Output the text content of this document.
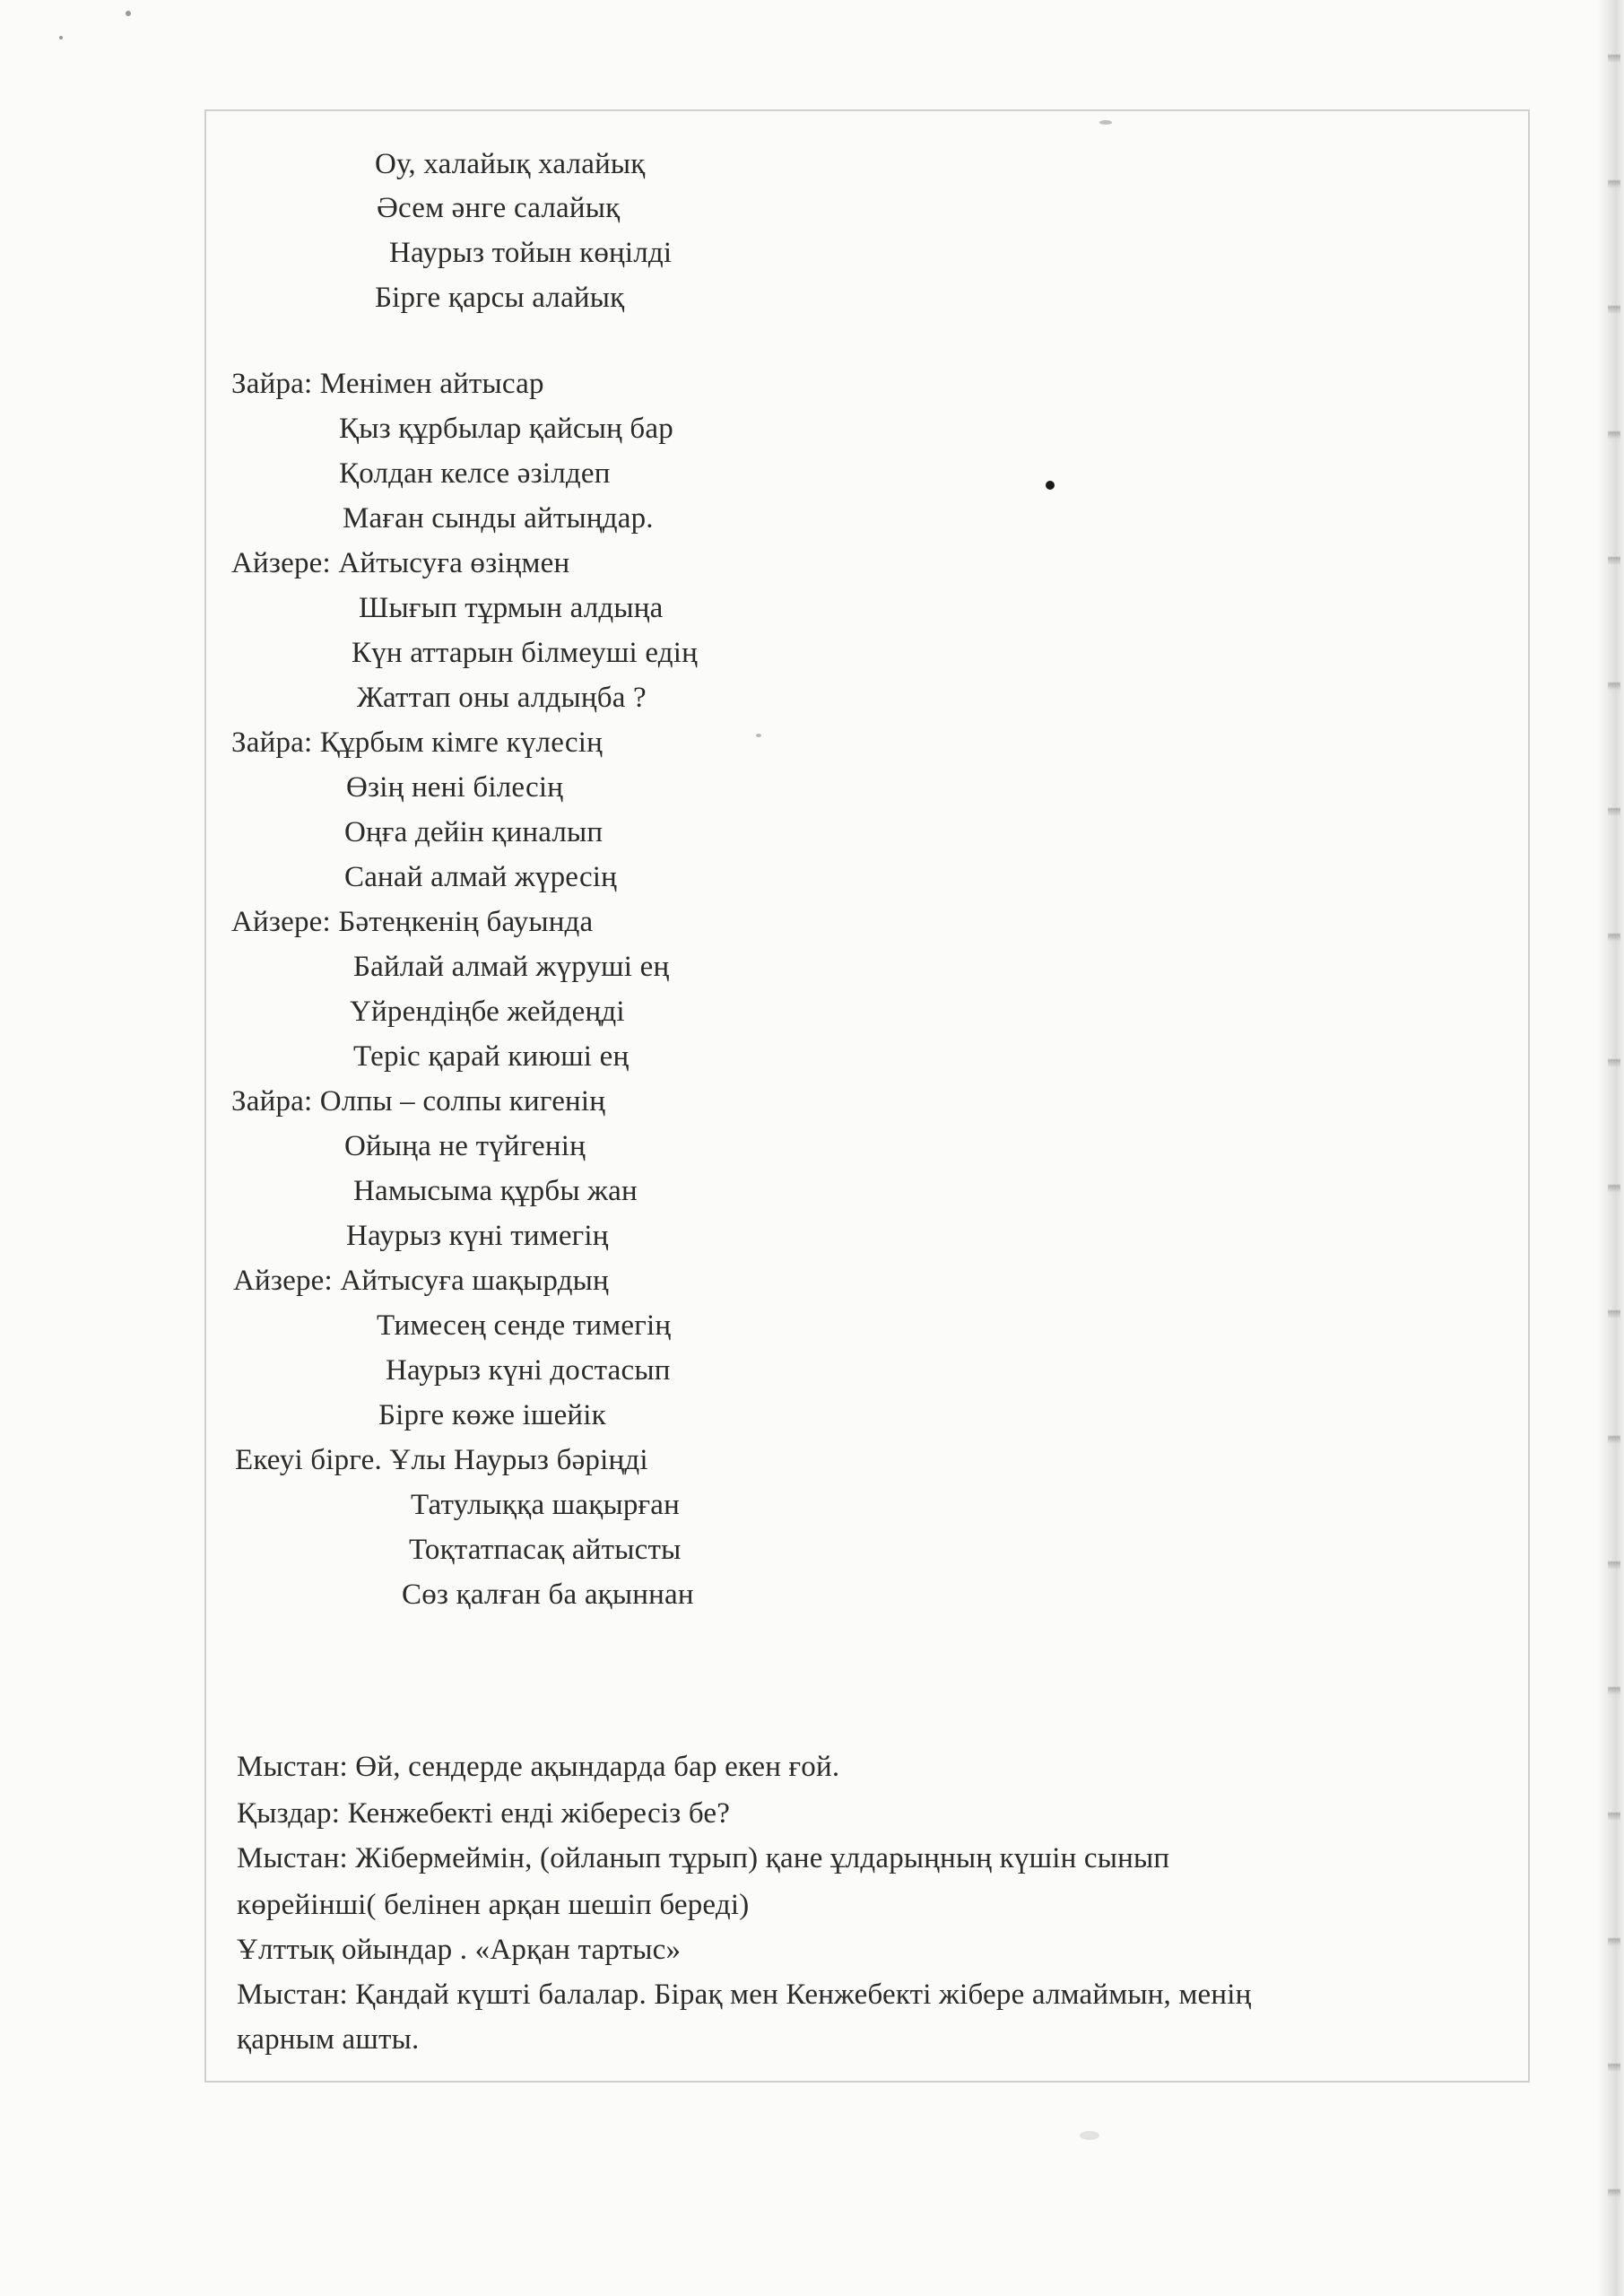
Оу, халайық халайық
Әсем әнге салайық
Наурыз тойын көңілді
Бірге қарсы алайық
Зайра: Менімен айтысар
Қыз құрбылар қайсың бар
Қолдан келсе әзілдеп
Маған сынды айтыңдар.
Айзере: Айтысуға өзіңмен
Шығып тұрмын алдыңа
Күн аттарын білмеуші едің
Жаттап оны алдыңба ?
Зайра: Құрбым кімге күлесің
Өзің нені білесің
Оңға дейін қиналып
Санай алмай жүресің
Айзере: Бәтеңкенің бауында
Байлай алмай жүруші ең
Үйрендіңбе жейдеңді
Теріс қарай киюші ең
Зайра: Олпы – солпы кигенің
Ойыңа не түйгенің
Намысыма құрбы жан
Наурыз күні тимегің
Айзере: Айтысуға шақырдың
Тимесең сенде тимегің
Наурыз күні достасып
Бірге көже ішейік
Екеуі бірге. Ұлы Наурыз бәріңді
Татулыққа шақырған
Тоқтатпасақ айтысты
Сөз қалған ба ақыннан
Мыстан: Өй, сендерде ақындарда бар екен ғой.
Қыздар: Кенжебекті енді жібересіз бе?
Мыстан: Жібермеймін, (ойланып тұрып) қане ұлдарыңның күшін сынып
көрейінші( белінен арқан шешіп береді)
Ұлттық ойындар . «Арқан тартыс»
Мыстан: Қандай күшті балалар. Бірақ мен Кенжебекті жібере алмаймын, менің
қарным ашты.
